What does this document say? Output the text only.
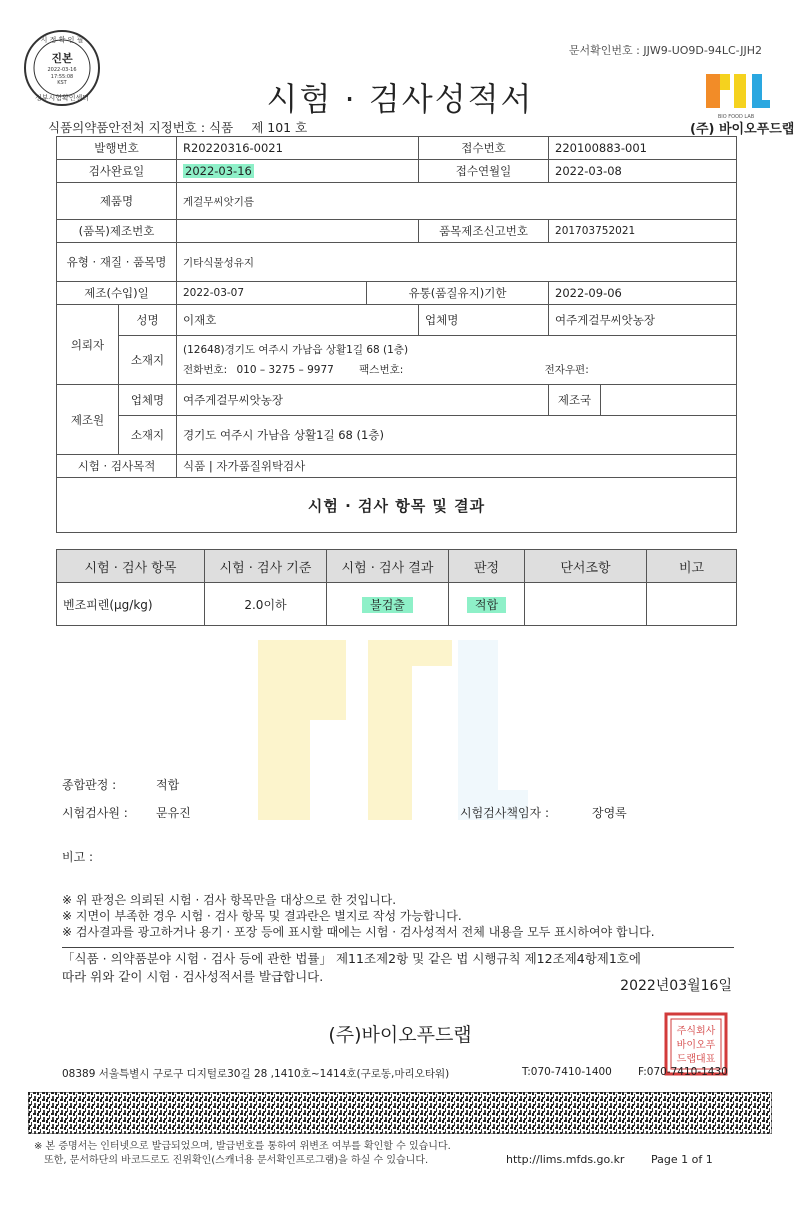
문서확인번호 : JJW9-UO9D-94LC-JJH2
시 정 확 인 필
진본
2022-03-16
17:55:08
KST
정부시험확인센터	시험 · 검사성적서
식품의약품안전처 지정번호 : 식품 제 101 호
BIO FOOD LAB
(주) 바이오푸드랩
발행번호		R20220316-0021		접수번호	220100883-001	
검사완료일		2022-03-16		접수연월일	2022-03-08	
제품명		게걸무씨앗기름				
(품목)제조번호				품목제조신고번호	201703752021	
유형 · 재질 · 품목명		기타식물성유지				
제조(수입)일		2022-03-07	유통(품질유지)기한		2022-09-06	
의뢰자	성명	이재호		업체명	여주게걸무씨앗농장	
	소재지	(12648)경기도 여주시 가남읍 상활1길 68 (1층)
전화번호: 010 – 3275 – 9977 팩스번호: 전자우편:				

제조원	업체명	여주게걸무씨앗농장			제조국	
	소재지	경기도 여주시 가남읍 상활1길 68 (1층)				
시험 · 검사목적		식품 | 자가품질위탁검사				
시험 · 검사 항목 및 결과						
시험 · 검사 항목	시험 · 검사 기준	시험 · 검사 결과	판정	단서조항	비고
벤조피렌(μg/kg)	2.0이하	불검출	적합		
종합판정 :	적합
시험검사원 : 문유진	시험검사책임자 :	장영록
비고 :
※ 위 판정은 의뢰된 시험 · 검사 항목만을 대상으로 한 것입니다.
※ 지면이 부족한 경우 시험 · 검사 항목 및 결과란은 별지로 작성 가능합니다.
※ 검사결과를 광고하거나 용기 · 포장 등에 표시할 때에는 시험 · 검사성적서 전체 내용을 모두 표시하여야 합니다.
「식품 · 의약품분야 시험 · 검사 등에 관한 법률」 제11조제2항 및 같은 법 시행규칙 제12조제4항제1호에
따라 위와 같이 시험 · 검사성적서를 발급합니다.
2022년03월16일
(주)바이오푸드랩	주식회사
바이오푸
드랩대표
08389 서울특별시 구로구 디지털로30길 28 ,1410호~1414호(구로동,마리오타워)	T:070-7410-1400 F:070-7410-1430
※ 본 증명서는 인터넷으로 발급되었으며, 발급번호를 통하여 위변조 여부를 확인할 수 있습니다.
또한, 문서하단의 바코드로도 진위확인(스캐너용 문서확인프로그램)을 하실 수 있습니다.	http://lims.mfds.go.kr Page 1 of 1
